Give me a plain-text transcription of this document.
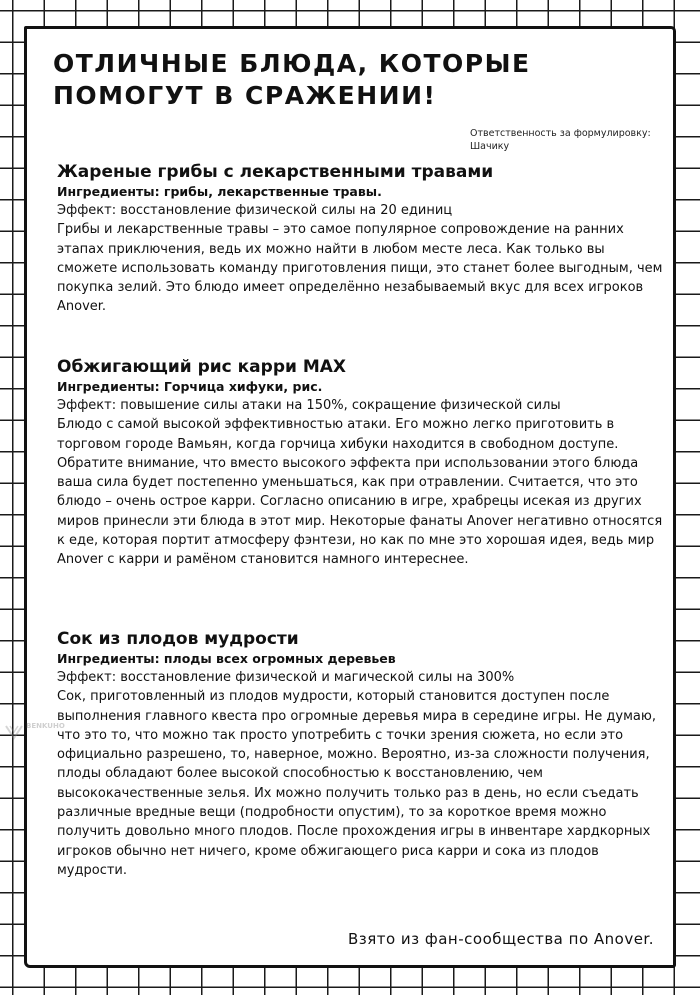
ОТЛИЧНЫЕ БЛЮДА, КОТОРЫЕ ПОМОГУТ В СРАЖЕНИИ!
Ответственность за формулировку: Шачику
Жареные грибы с лекарственными травами
Ингредиенты: грибы, лекарственные травы.
Эффект: восстановление физической силы на 20 единиц
Грибы и лекарственные травы – это самое популярное сопровождение на ранних этапах приключения, ведь их можно найти в любом месте леса. Как только вы сможете использовать команду приготовления пищи, это станет более выгодным, чем покупка зелий. Это блюдо имеет определённо незабываемый вкус для всех игроков Anover.
Обжигающий рис карри MAX
Ингредиенты: Горчица хифуки, рис.
Эффект: повышение силы атаки на 150%, сокращение физической силы
Блюдо с самой высокой эффективностью атаки. Его можно легко приготовить в торговом городе Вамьян, когда горчица хибуки находится в свободном доступе. Обратите внимание, что вместо высокого эффекта при использовании этого блюда ваша сила будет постепенно уменьшаться, как при отравлении. Считается, что это блюдо – очень острое карри. Согласно описанию в игре, храбрецы исекая из других миров принесли эти блюда в этот мир. Некоторые фанаты Anover негативно относятся к еде, которая портит атмосферу фэнтези, но как по мне это хорошая идея, ведь мир Anover с карри и рамёном становится намного интереснее.
Сок из плодов мудрости
Ингредиенты: плоды всех огромных деревьев
Эффект: восстановление физической и магической силы на 300%
Сок, приготовленный из плодов мудрости, который становится доступен после выполнения главного квеста про огромные деревья мира в середине игры. Не думаю, что это то, что можно так просто употребить с точки зрения сюжета, но если это официально разрешено, то, наверное, можно. Вероятно, из-за сложности получения, плоды обладают более высокой способностью к восстановлению, чем высококачественные зелья. Их можно получить только раз в день, но если съедать различные вредные вещи (подробности опустим), то за короткое время можно получить довольно много плодов. После прохождения игры в инвентаре хардкорных игроков обычно нет ничего, кроме обжигающего риса карри и сока из плодов мудрости.
Взято из фан-сообщества по Anover.
BENKUHO
